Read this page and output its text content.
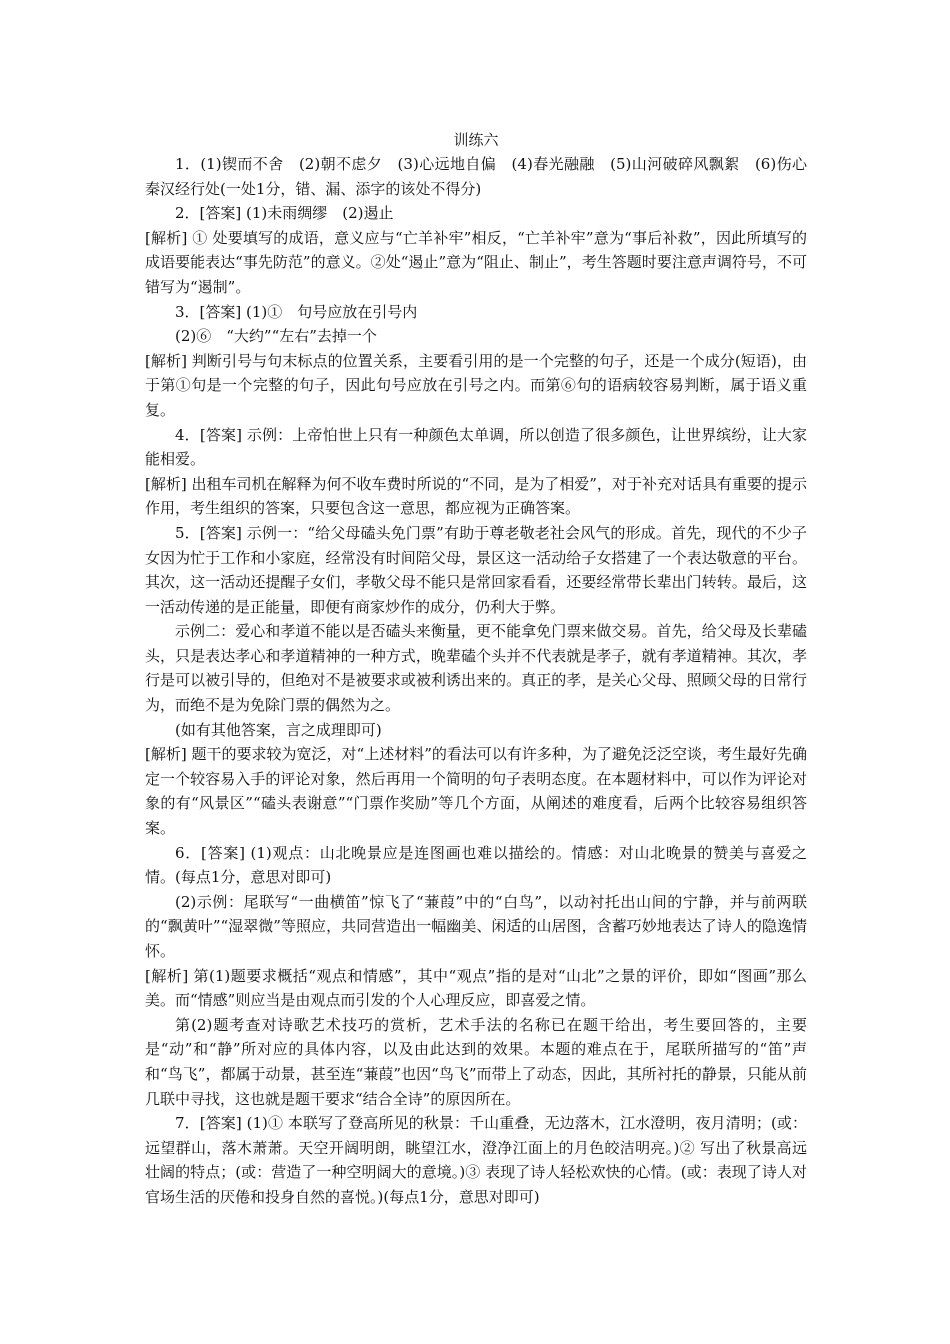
训练六

1．(1)锲而不舍　(2)朝不虑夕　(3)心远地自偏　(4)春光融融　(5)山河破碎风飘絮　(6)伤心秦汉经行处(一处1分，错、漏、添字的该处不得分)

2．[答案] (1)未雨绸缪　(2)遏止

[解析] ① 处要填写的成语，意义应与“亡羊补牢”相反，“亡羊补牢”意为“事后补救”，因此所填写的成语要能表达“事先防范”的意义。②处“遏止”意为“阻止、制止”，考生答题时要注意声调符号，不可错写为“遏制”。

3．[答案] (1)①　句号应放在引号内

(2)⑥　“大约”“左右”去掉一个

[解析] 判断引号与句末标点的位置关系，主要看引用的是一个完整的句子，还是一个成分(短语)，由于第①句是一个完整的句子，因此句号应放在引号之内。而第⑥句的语病较容易判断，属于语义重复。

4．[答案] 示例：上帝怕世上只有一种颜色太单调，所以创造了很多颜色，让世界缤纷，让大家能相爱。

[解析] 出租车司机在解释为何不收车费时所说的“不同，是为了相爱”，对于补充对话具有重要的提示作用，考生组织的答案，只要包含这一意思，都应视为正确答案。

5．[答案] 示例一：“给父母磕头免门票”有助于尊老敬老社会风气的形成。首先，现代的不少子女因为忙于工作和小家庭，经常没有时间陪父母，景区这一活动给子女搭建了一个表达敬意的平台。其次，这一活动还提醒子女们，孝敬父母不能只是常回家看看，还要经常带长辈出门转转。最后，这一活动传递的是正能量，即便有商家炒作的成分，仍利大于弊。

示例二：爱心和孝道不能以是否磕头来衡量，更不能拿免门票来做交易。首先，给父母及长辈磕头，只是表达孝心和孝道精神的一种方式，晚辈磕个头并不代表就是孝子，就有孝道精神。其次，孝行是可以被引导的，但绝对不是被要求或被利诱出来的。真正的孝，是关心父母、照顾父母的日常行为，而绝不是为免除门票的偶然为之。

(如有其他答案，言之成理即可)

[解析] 题干的要求较为宽泛，对“上述材料”的看法可以有许多种，为了避免泛泛空谈，考生最好先确定一个较容易入手的评论对象，然后再用一个简明的句子表明态度。在本题材料中，可以作为评论对象的有“风景区”“磕头表谢意”“门票作奖励”等几个方面，从阐述的难度看，后两个比较容易组织答案。

6．[答案] (1)观点：山北晚景应是连图画也难以描绘的。情感：对山北晚景的赞美与喜爱之情。(每点1分，意思对即可)

(2)示例：尾联写“一曲横笛”惊飞了“蒹葭”中的“白鸟”，以动衬托出山间的宁静，并与前两联的“飘黄叶”“湿翠微”等照应，共同营造出一幅幽美、闲适的山居图，含蓄巧妙地表达了诗人的隐逸情怀。

[解析] 第(1)题要求概括“观点和情感”，其中“观点”指的是对“山北”之景的评价，即如“图画”那么美。而“情感”则应当是由观点而引发的个人心理反应，即喜爱之情。

第(2)题考查对诗歌艺术技巧的赏析，艺术手法的名称已在题干给出，考生要回答的，主要是“动”和“静”所对应的具体内容，以及由此达到的效果。本题的难点在于，尾联所描写的“笛”声和“鸟飞”，都属于动景，甚至连“蒹葭”也因“鸟飞”而带上了动态，因此，其所衬托的静景，只能从前几联中寻找，这也就是题干要求“结合全诗”的原因所在。

7．[答案] (1)① 本联写了登高所见的秋景：千山重叠，无边落木，江水澄明，夜月清明；(或：远望群山，落木萧萧。天空开阔明朗，眺望江水，澄净江面上的月色皎洁明亮。)② 写出了秋景高远壮阔的特点；(或：营造了一种空明阔大的意境。)③ 表现了诗人轻松欢快的心情。(或：表现了诗人对官场生活的厌倦和投身自然的喜悦。)(每点1分，意思对即可)
